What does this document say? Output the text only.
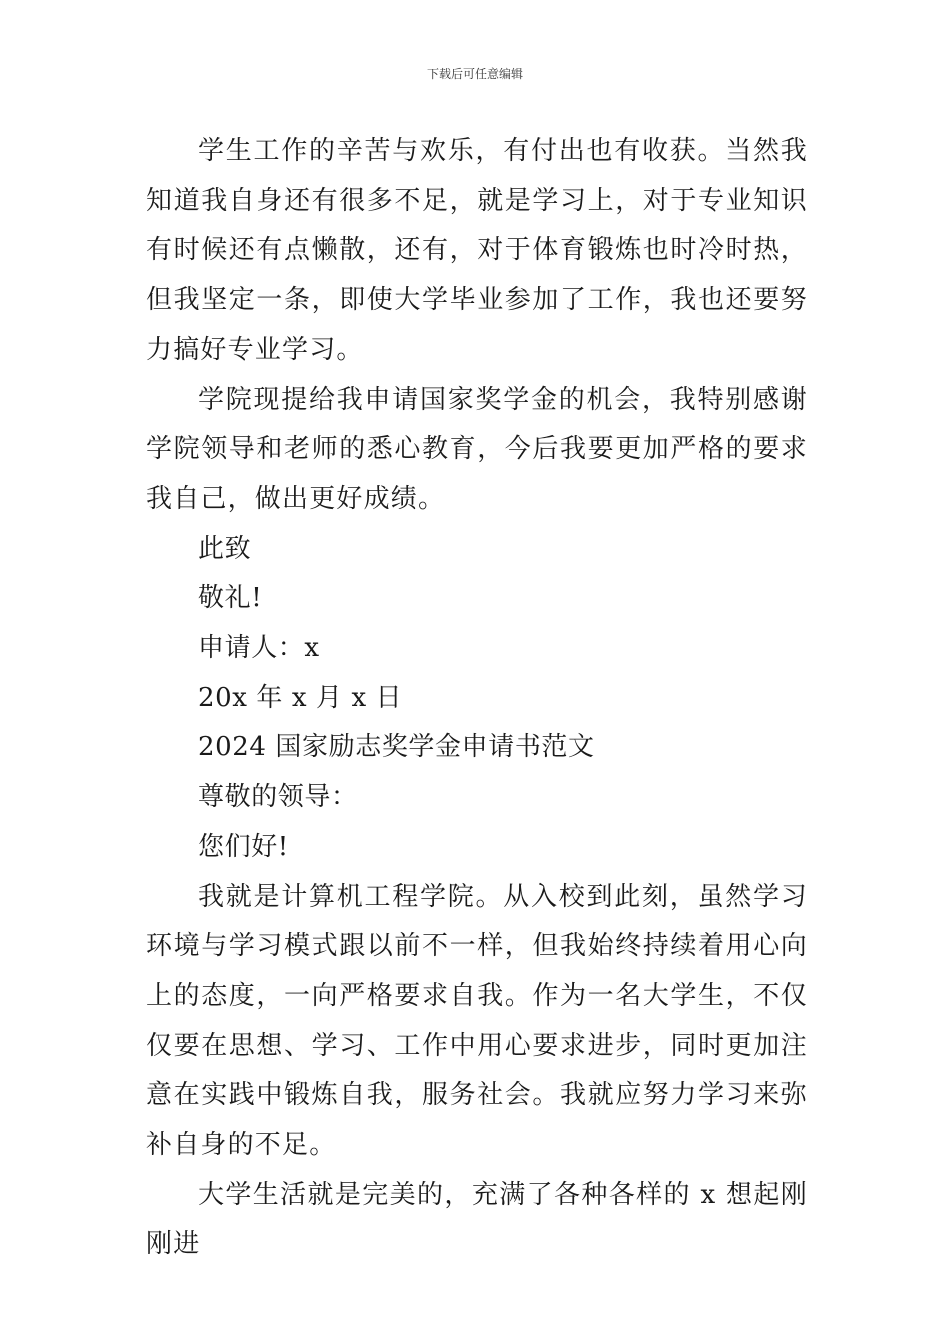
下载后可任意编辑

学生工作的辛苦与欢乐，有付出也有收获。当然我知道我自身还有很多不足，就是学习上，对于专业知识有时候还有点懒散，还有，对于体育锻炼也时冷时热，但我坚定一条，即使大学毕业参加了工作，我也还要努力搞好专业学习。

学院现提给我申请国家奖学金的机会，我特别感谢学院领导和老师的悉心教育，今后我要更加严格的要求我自己，做出更好成绩。

此致

敬礼!

申请人：x

20x 年 x 月 x 日

2024 国家励志奖学金申请书范文

尊敬的领导：

您们好!

我就是计算机工程学院。从入校到此刻，虽然学习环境与学习模式跟以前不一样，但我始终持续着用心向上的态度，一向严格要求自我。作为一名大学生，不仅仅要在思想、学习、工作中用心要求进步，同时更加注意在实践中锻炼自我，服务社会。我就应努力学习来弥补自身的不足。

大学生活就是完美的，充满了各种各样的 x 想起刚刚进
